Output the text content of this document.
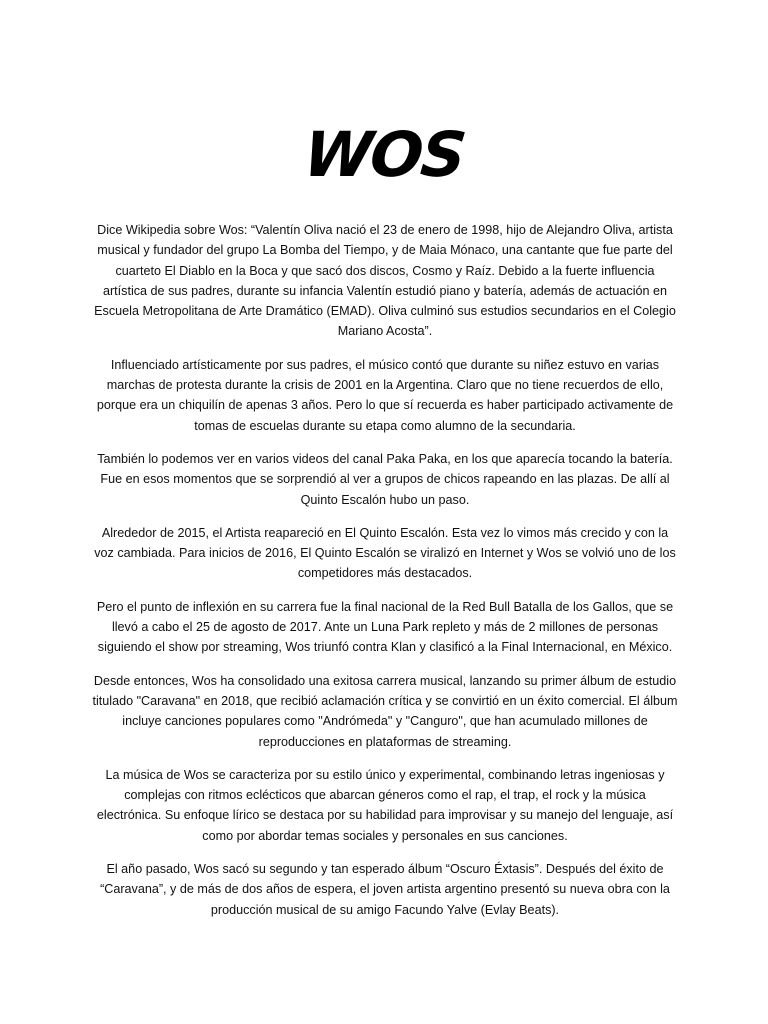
WOS

Dice Wikipedia sobre Wos: “Valentín Oliva nació el 23 de enero de 1998, hijo de Alejandro Oliva, artista musical y fundador del grupo La Bomba del Tiempo, y de Maia Mónaco, una cantante que fue parte del cuarteto El Diablo en la Boca y que sacó dos discos, Cosmo y Raíz. Debido a la fuerte influencia artística de sus padres, durante su infancia Valentín estudió piano y batería, además de actuación en Escuela Metropolitana de Arte Dramático (EMAD). Oliva culminó sus estudios secundarios en el Colegio Mariano Acosta”.

Influenciado artísticamente por sus padres, el músico contó que durante su niñez estuvo en varias marchas de protesta durante la crisis de 2001 en la Argentina. Claro que no tiene recuerdos de ello, porque era un chiquilín de apenas 3 años. Pero lo que sí recuerda es haber participado activamente de tomas de escuelas durante su etapa como alumno de la secundaria.

También lo podemos ver en varios videos del canal Paka Paka, en los que aparecía tocando la batería. Fue en esos momentos que se sorprendió al ver a grupos de chicos rapeando en las plazas. De allí al Quinto Escalón hubo un paso.

Alrededor de 2015, el Artista reapareció en El Quinto Escalón. Esta vez lo vimos más crecido y con la voz cambiada. Para inicios de 2016, El Quinto Escalón se viralizó en Internet y Wos se volvió uno de los competidores más destacados.

Pero el punto de inflexión en su carrera fue la final nacional de la Red Bull Batalla de los Gallos, que se llevó a cabo el 25 de agosto de 2017. Ante un Luna Park repleto y más de 2 millones de personas siguiendo el show por streaming, Wos triunfó contra Klan y clasificó a la Final Internacional, en México.

Desde entonces, Wos ha consolidado una exitosa carrera musical, lanzando su primer álbum de estudio titulado "Caravana" en 2018, que recibió aclamación crítica y se convirtió en un éxito comercial. El álbum incluye canciones populares como "Andrómeda" y "Canguro", que han acumulado millones de reproducciones en plataformas de streaming.

La música de Wos se caracteriza por su estilo único y experimental, combinando letras ingeniosas y complejas con ritmos eclécticos que abarcan géneros como el rap, el trap, el rock y la música electrónica. Su enfoque lírico se destaca por su habilidad para improvisar y su manejo del lenguaje, así como por abordar temas sociales y personales en sus canciones.

El año pasado, Wos sacó su segundo y tan esperado álbum “Oscuro Éxtasis”. Después del éxito de “Caravana”, y de más de dos años de espera, el joven artista argentino presentó su nueva obra con la producción musical de su amigo Facundo Yalve (Evlay Beats).
